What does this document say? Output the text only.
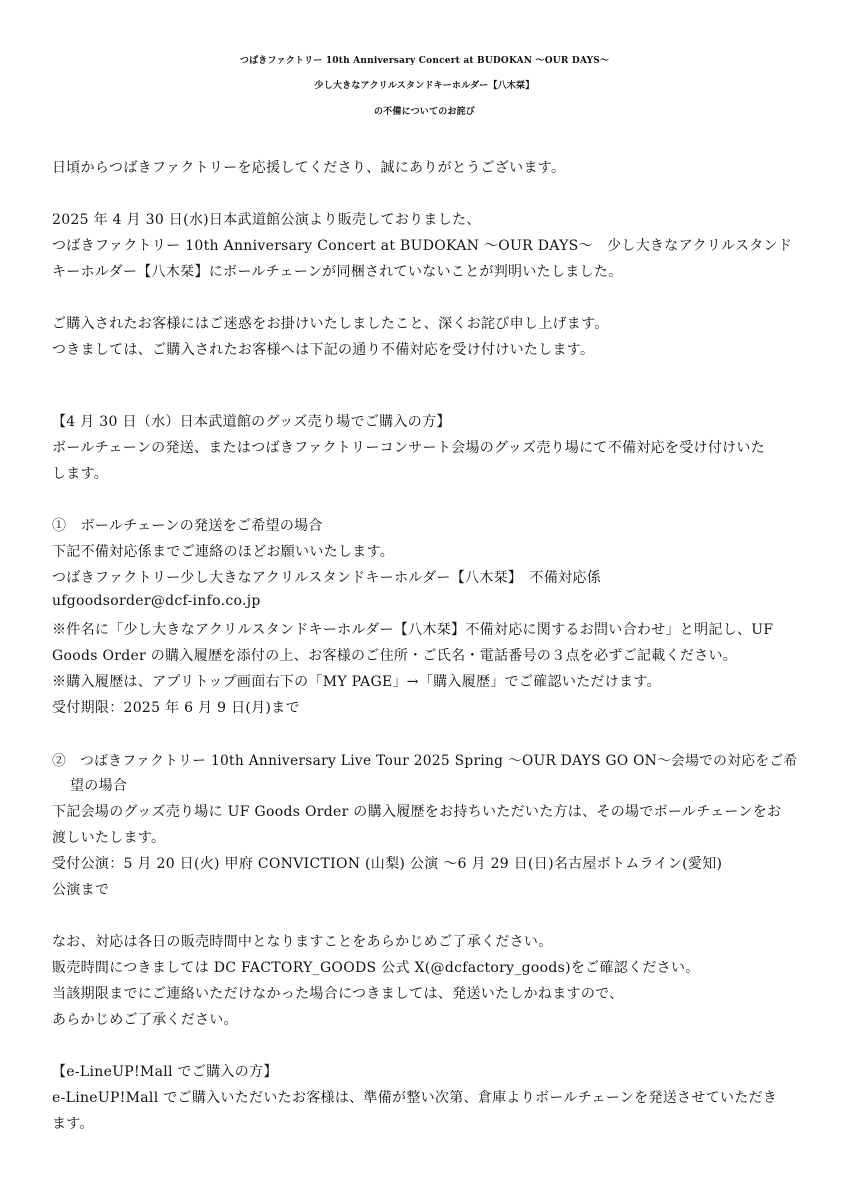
つばきファクトリー 10th Anniversary Concert at BUDOKAN ～OUR DAYS～
少し大きなアクリルスタンドキーホルダー【八木栞】
の不備についてのお詫び
日頃からつばきファクトリーを応援してくださり、誠にありがとうございます。
2025 年 4 月 30 日(水)日本武道館公演より販売しておりました、
つばきファクトリー 10th Anniversary Concert at BUDOKAN ～OUR DAYS～　少し大きなアクリルスタンド
キーホルダー【八木栞】にボールチェーンが同梱されていないことが判明いたしました。
ご購入されたお客様にはご迷惑をお掛けいたしましたこと、深くお詫び申し上げます。
つきましては、ご購入されたお客様へは下記の通り不備対応を受け付けいたします。
【4 月 30 日（水）日本武道館のグッズ売り場でご購入の方】
ボールチェーンの発送、またはつばきファクトリーコンサート会場のグッズ売り場にて不備対応を受け付けいた
します。
①　ボールチェーンの発送をご希望の場合
下記不備対応係までご連絡のほどお願いいたします。
つばきファクトリー少し大きなアクリルスタンドキーホルダー【八木栞】　不備対応係
ufgoodsorder@dcf-info.co.jp
※件名に「少し大きなアクリルスタンドキーホルダー【八木栞】不備対応に関するお問い合わせ」と明記し、UF
Goods Order の購入履歴を添付の上、お客様のご住所・ご氏名・電話番号の３点を必ずご記載ください。
※購入履歴は、アプリトップ画面右下の「MY PAGE」→「購入履歴」でご確認いただけます。
受付期限：2025 年 6 月 9 日(月)まで
②　つばきファクトリー 10th Anniversary Live Tour 2025 Spring ～OUR DAYS GO ON～会場での対応をご希
望の場合
下記会場のグッズ売り場に UF Goods Order の購入履歴をお持ちいただいた方は、その場でボールチェーンをお
渡しいたします。
受付公演：5 月 20 日(火) 甲府 CONVICTION (山梨) 公演 ～6 月 29 日(日)名古屋ボトムライン(愛知)
公演まで
なお、対応は各日の販売時間中となりますことをあらかじめご了承ください。
販売時間につきましては DC FACTORY_GOODS 公式 X(@dcfactory_goods)をご確認ください。
当該期限までにご連絡いただけなかった場合につきましては、発送いたしかねますので、
あらかじめご了承ください。
【e-LineUP!Mall でご購入の方】
e-LineUP!Mall でご購入いただいたお客様は、準備が整い次第、倉庫よりボールチェーンを発送させていただき
ます。
